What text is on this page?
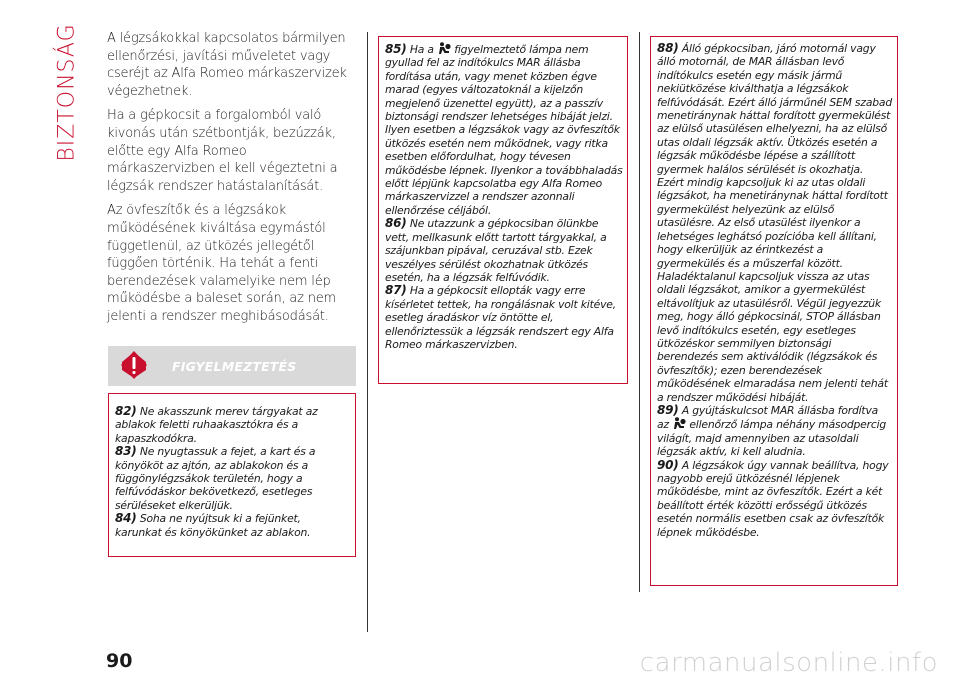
BIZTONSÁG A légzsákokkal kapcsolatos bármilyen ellenőrzési, javítási műveletet vagy cseréjt az Alfa Romeo márkaszervizek végezhetnek.

Ha a gépkocsit a forgalomból való kivonás után szétbontják, bezúzzák, előtte egy Alfa Romeo márkaszervizben el kell végeztetni a légzsák rendszer hatástalanítását.

Az övfeszítők és a légzsákok működésének kiváltása egymástól függetlenül, az ütközés jellegétől függően történik. Ha tehát a fenti berendezések valamelyike nem lép működésbe a baleset során, az nem jelenti a rendszer meghibásodását.

FIGYELMEZTETÉS
82) Ne akasszunk merev tárgyakat az ablakok feletti ruhaakasztókra és a kapaszkodókra.
83) Ne nyugtassuk a fejet, a kart és a könyököt az ajtón, az ablakokon és a függönylégzsákok területén, hogy a felfúvódáskor bekövetkező, esetleges sérüléseket elkerüljük.
84) Soha ne nyújtsuk ki a fejünket, karunkat és könyökünket az ablakon.
85) Ha a figyelmeztető lámpa nem gyullad fel az indítókulcs MAR állásba fordítása után, vagy menet közben égve marad (egyes változatoknál a kijelzőn megjelenő üzenettel együtt), az a passzív biztonsági rendszer lehetséges hibáját jelzi. Ilyen esetben a légzsákok vagy az övfeszítők ütközés esetén nem működnek, vagy ritka esetben előfordulhat, hogy tévesen működésbe lépnek. Ilyenkor a továbbhaladás előtt lépjünk kapcsolatba egy Alfa Romeo márkaszervizzel a rendszer azonnali ellenőrzése céljából.
86) Ne utazzunk a gépkocsiban ölünkbe vett, mellkasunk előtt tartott tárgyakkal, a szájunkban pipával, ceruzával stb. Ezek veszélyes sérülést okozhatnak ütközés esetén, ha a légzsák felfúvódik.
87) Ha a gépkocsit ellopták vagy erre kísérletet tettek, ha rongálásnak volt kitéve, esetleg áradáskor víz öntötte el, ellenőriztessük a légzsák rendszert egy Alfa Romeo márkaszervizben.
88) Álló gépkocsiban, járó motornál vagy álló motornál, de MAR állásban levő indítókulcs esetén egy másik jármű nekiütközése kiválthatja a légzsákok felfúvódását. Ezért álló járműnél SEM szabad menetiránynak háttal fordított gyermekülést az elülső utasülésen elhelyezni, ha az elülső utas oldali légzsák aktív. Ütközés esetén a légzsák működésbe lépése a szállított gyermek halálos sérülését is okozhatja. Ezért mindig kapcsoljuk ki az utas oldali légzsákot, ha menetiránynak háttal fordított gyermekülést helyezünk az elülső utasülésre. Az első utasülést ilyenkor a lehetséges leghátsó pozícióba kell állítani, hogy elkerüljük az érintkezést a gyermekülés és a műszerfal között. Haladéktalanul kapcsoljuk vissza az utas oldali légzsákot, amikor a gyermekülést eltávolítjuk az utasülésről. Végül jegyezzük meg, hogy álló gépkocsinál, STOP állásban levő indítókulcs esetén, egy esetleges ütközéskor semmilyen biztonsági berendezés sem aktiválódik (légzsákok és övfeszítők); ezen berendezések működésének elmaradása nem jelenti tehát a rendszer működési hibáját.
89) A gyújtáskulcsot MAR állásba fordítva az ellenőrző lámpa néhány másodpercig világít, majd amennyiben az utasoldali légzsák aktív, ki kell aludnia.
90) A légzsákok úgy vannak beállítva, hogy nagyobb erejű ütközésnél lépjenek működésbe, mint az övfeszítők. Ezért a két beállított érték közötti erősségű ütközés esetén normális esetben csak az övfeszítők lépnek működésbe.
90	carmanualsonline.info
